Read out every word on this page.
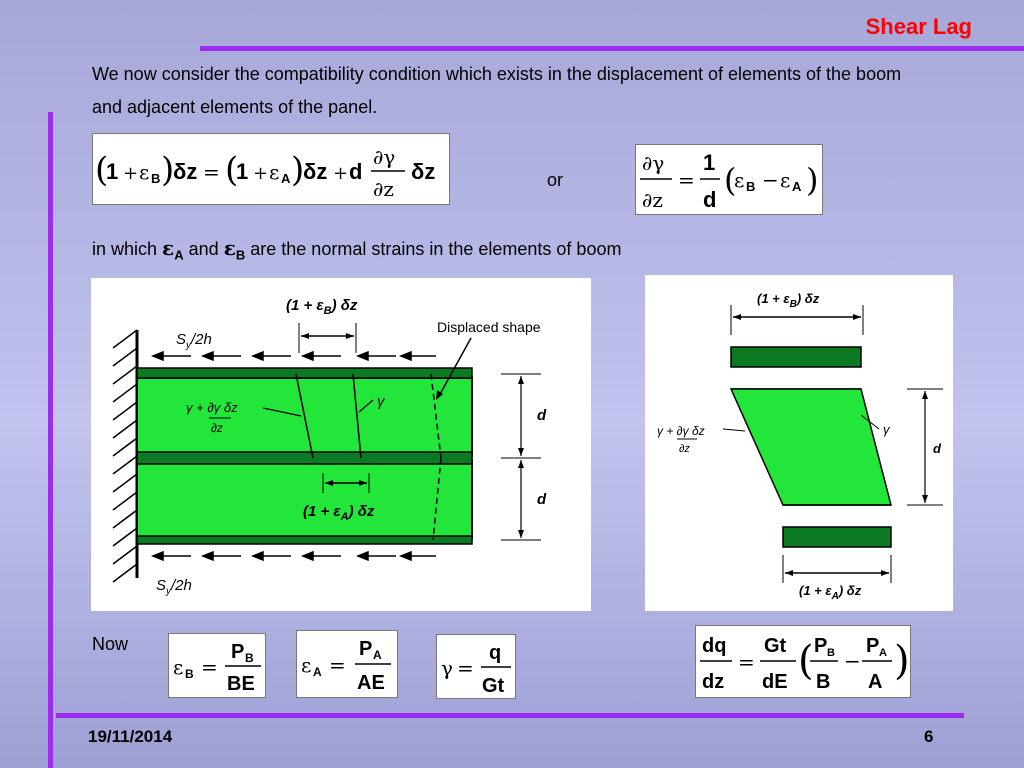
Shear Lag
We now consider the compatibility condition which exists in the displacement of elements of the boom and adjacent elements of the panel.
(
1 + ε B )
δz = (
1 + ε A )
δz + d
∂γ
∂z
δz	or
∂γ
∂z
=
1
d
(
ε B − ε A )
in which $\varepsilon_A$ and $\varepsilon_B$ are the normal strains in the elements of boom
$(1 + \varepsilon_B)$ δz
$S_y/2h$
$S_y/2h$
Displaced shape
γ + ∂γ δz
∂z
γ
d
d
$(1 + \varepsilon_A)$ δz
$(1 + \varepsilon_B)$ δz
γ + ∂γ δz
∂z
γ
d
$(1 + \varepsilon_A)$ δz
Now
ε B =
P B
BE
ε A =
P A
AE
γ =
q
Gt
dq
dz
=
Gt
dE ( P B
B
−
P A
A )
19/11/2014	6
